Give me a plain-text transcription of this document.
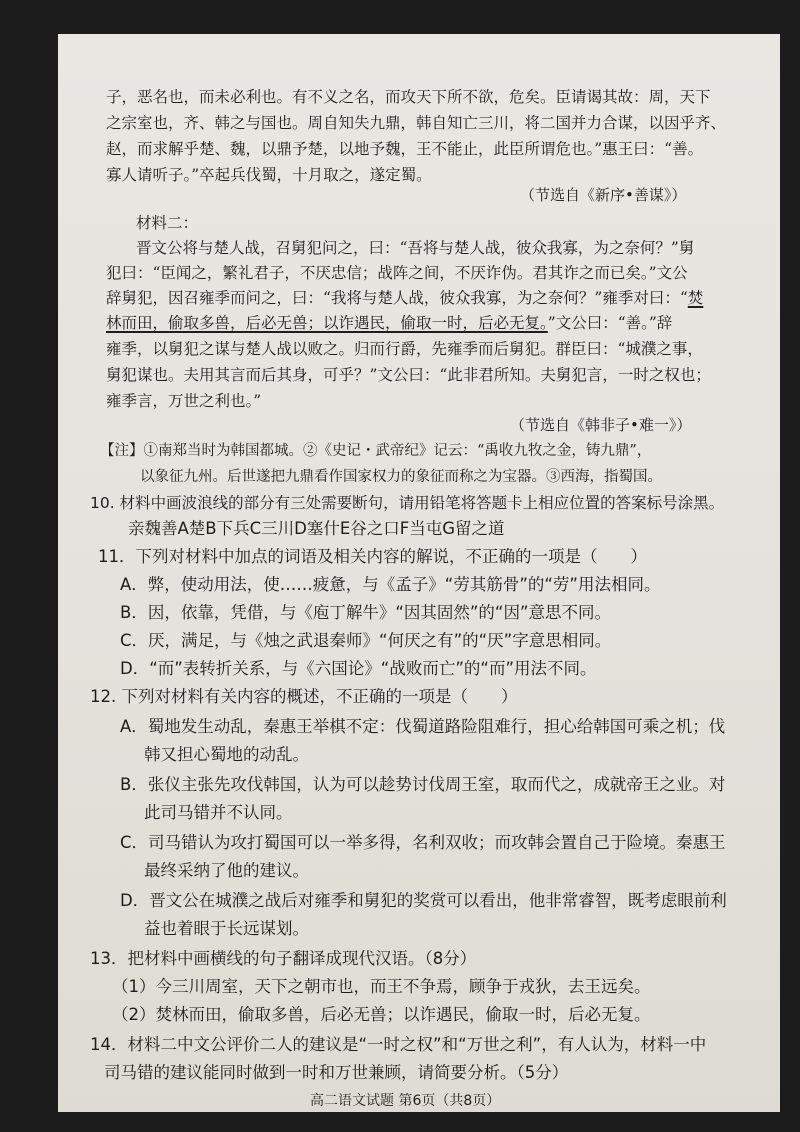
子，恶名也，而未必利也。有不义之名，而攻天下所不欲，危矣。臣请谒其故：周，天下
之宗室也，齐、韩之与国也。周自知失九鼎，韩自知亡三川，将二国并力合谋，以因乎齐、
赵，而求解乎楚、魏，以鼎予楚，以地予魏，王不能止，此臣所谓危也。”惠王曰：“善。
寡人请听子。”卒起兵伐蜀，十月取之，遂定蜀。
（节选自《新序•善谋》）
材料二：
晋文公将与楚人战，召舅犯问之，曰：“吾将与楚人战，彼众我寡，为之奈何？”舅
犯曰：“臣闻之，繁礼君子，不厌忠信；战阵之间，不厌诈伪。君其诈之而已矣。”文公
辞舅犯，因召雍季而问之，曰：“我将与楚人战，彼众我寡，为之奈何？”雍季对曰：“焚
林而田，偷取多兽，后必无兽；以诈遇民，偷取一时，后必无复。”文公曰：“善。”辞
雍季，以舅犯之谋与楚人战以败之。归而行爵，先雍季而后舅犯。群臣曰：“城濮之事，
舅犯谋也。夫用其言而后其身，可乎？”文公曰：“此非君所知。夫舅犯言，一时之权也；
雍季言，万世之利也。”
（节选自《韩非子•难一》）
【注】①南郑当时为韩国都城。②《史记・武帝纪》记云：“禹收九牧之金，铸九鼎”，
以象征九州。后世遂把九鼎看作国家权力的象征而称之为宝器。③西海，指蜀国。
10. 材料中画波浪线的部分有三处需要断句，请用铅笔将答题卡上相应位置的答案标号涂黑。
亲魏善A楚B下兵C三川D塞什E谷之口F当屯G留之道
11．下列对材料中加点的词语及相关内容的解说，不正确的一项是（　　）
A．弊，使动用法，使……疲惫，与《孟子》“劳其筋骨”的“劳”用法相同。
B．因，依靠，凭借，与《庖丁解牛》“因其固然”的“因”意思不同。
C．厌，满足，与《烛之武退秦师》“何厌之有”的“厌”字意思相同。
D．“而”表转折关系，与《六国论》“战败而亡”的“而”用法不同。
12. 下列对材料有关内容的概述，不正确的一项是（　　）
A．蜀地发生动乱，秦惠王举棋不定：伐蜀道路险阻难行，担心给韩国可乘之机；伐
韩又担心蜀地的动乱。
B．张仪主张先攻伐韩国，认为可以趁势讨伐周王室，取而代之，成就帝王之业。对
此司马错并不认同。
C．司马错认为攻打蜀国可以一举多得，名利双收；而攻韩会置自己于险境。秦惠王
最终采纳了他的建议。
D．晋文公在城濮之战后对雍季和舅犯的奖赏可以看出，他非常睿智，既考虑眼前利
益也着眼于长远谋划。
13．把材料中画横线的句子翻译成现代汉语。（8分）
（1）今三川周室，天下之朝市也，而王不争焉，顾争于戎狄，去王远矣。
（2）焚林而田，偷取多兽，后必无兽；以诈遇民，偷取一时，后必无复。
14．材料二中文公评价二人的建议是“一时之权”和“万世之利”，有人认为，材料一中
司马错的建议能同时做到一时和万世兼顾，请简要分析。（5分）
高二语文试题 第6页（共8页）
